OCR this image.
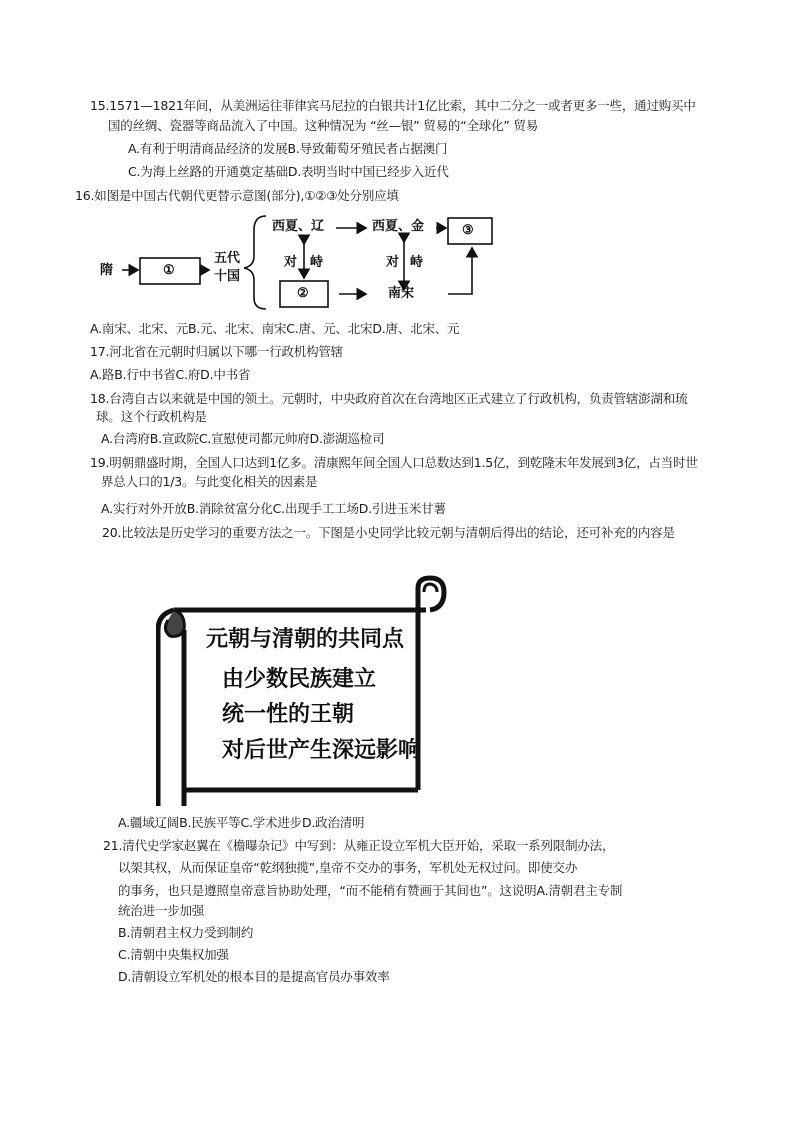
15.1571—1821年间，从美洲运往菲律宾马尼拉的白银共计1亿比索，其中二分之一或者更多一些，通过购买中
国的丝绸、瓷器等商品流入了中国。这种情况为 “丝—银” 贸易的“全球化” 贸易
A.有利于明清商品经济的发展B.导致葡萄牙殖民者占据澳门
C.为海上丝路的开通奠定基础D.表明当时中国已经步入近代
16.如图是中国古代朝代更替示意图(部分),①②③处分别应填
隋	①
五代
十国
西夏、辽	西夏、金	③
对 峙	对 峙
②	南宋
A.南宋、北宋、元B.元、北宋、南宋C.唐、元、北宋D.唐、北宋、元
17.河北省在元朝时归属以下哪一行政机构管辖
A.路B.行中书省C.府D.中书省
18.台湾自古以来就是中国的领土。元朝时，中央政府首次在台湾地区正式建立了行政机构，负责管辖澎湖和琉
球。这个行政机构是
A.台湾府B.宣政院C.宣慰使司都元帅府D.澎湖巡检司
19.明朝鼎盛时期，全国人口达到1亿多。清康熙年间全国人口总数达到1.5亿，到乾隆末年发展到3亿，占当时世
界总人口的1/3。与此变化相关的因素是
A.实行对外开放B.消除贫富分化C.出现手工工场D.引进玉米甘薯
20.比较法是历史学习的重要方法之一。下图是小史同学比较元朝与清朝后得出的结论，还可补充的内容是
元朝与清朝的共同点
由少数民族建立
统一性的王朝
对后世产生深远影响
A.疆域辽阔B.民族平等C.学术进步D.政治清明
21.清代史学家赵翼在《檐曝杂记》中写到：从雍正设立军机大臣开始，采取一系列限制办法，
以架其权，从而保证皇帝“乾纲独揽”,皇帝不交办的事务，军机处无权过问。即使交办
的事务，也只是遵照皇帝意旨协助处理，“而不能稍有赞画于其间也”。这说明A.清朝君主专制
统治进一步加强
B.清朝君主权力受到制约
C.清朝中央集权加强
D.清朝设立军机处的根本目的是提高官员办事效率
